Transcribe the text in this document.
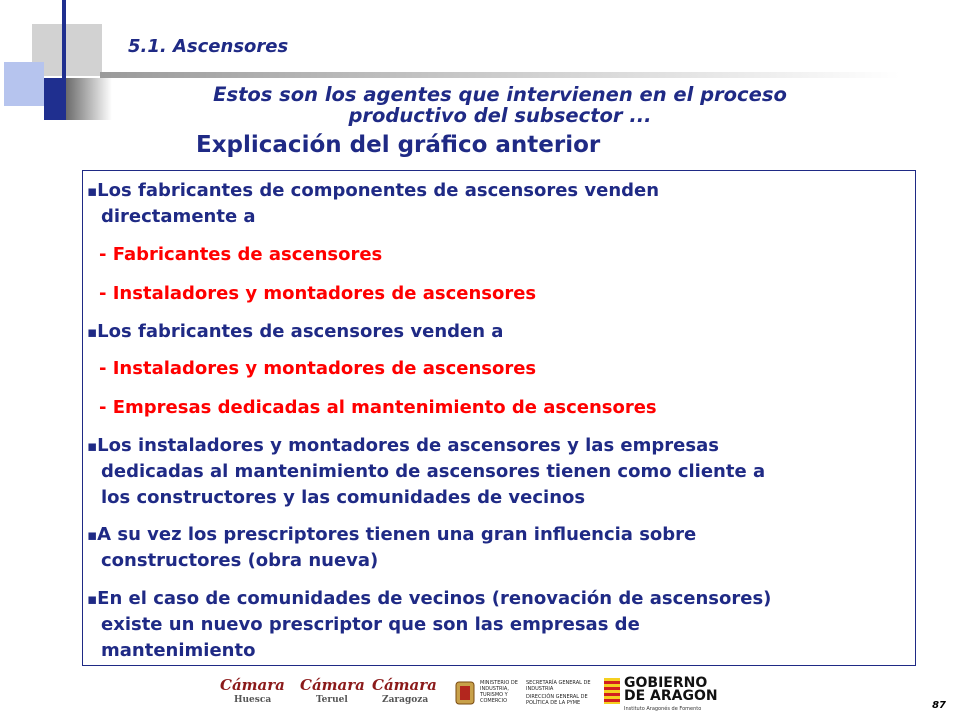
5.1. Ascensores
Estos son los agentes que intervienen en el proceso
productivo del subsector ...
Explicación del gráfico anterior
▪Los fabricantes de componentes de ascensores venden
directamente a
- Fabricantes de ascensores
- Instaladores y montadores de ascensores
▪Los fabricantes de ascensores venden a
- Instaladores y montadores de ascensores
- Empresas dedicadas al mantenimiento de ascensores
▪Los instaladores y montadores de ascensores y las empresas
dedicadas al mantenimiento de ascensores tienen como cliente a
los constructores y las comunidades de vecinos
▪A su vez los prescriptores tienen una gran influencia sobre
constructores (obra nueva)
▪En el caso de comunidades de vecinos (renovación de ascensores)
existe un nuevo prescriptor que son las empresas de
mantenimiento
Cámara
Huesca
Cámara
Teruel
Cámara
Zaragoza
MINISTERIO DE INDUSTRIA, TURISMO Y COMERCIO
SECRETARÍA GENERAL DE INDUSTRIA
DIRECCIÓN GENERAL DE POLÍTICA DE LA PYME
GOBIERNO
DE ARAGON
Instituto Aragonés de Fomento	87
